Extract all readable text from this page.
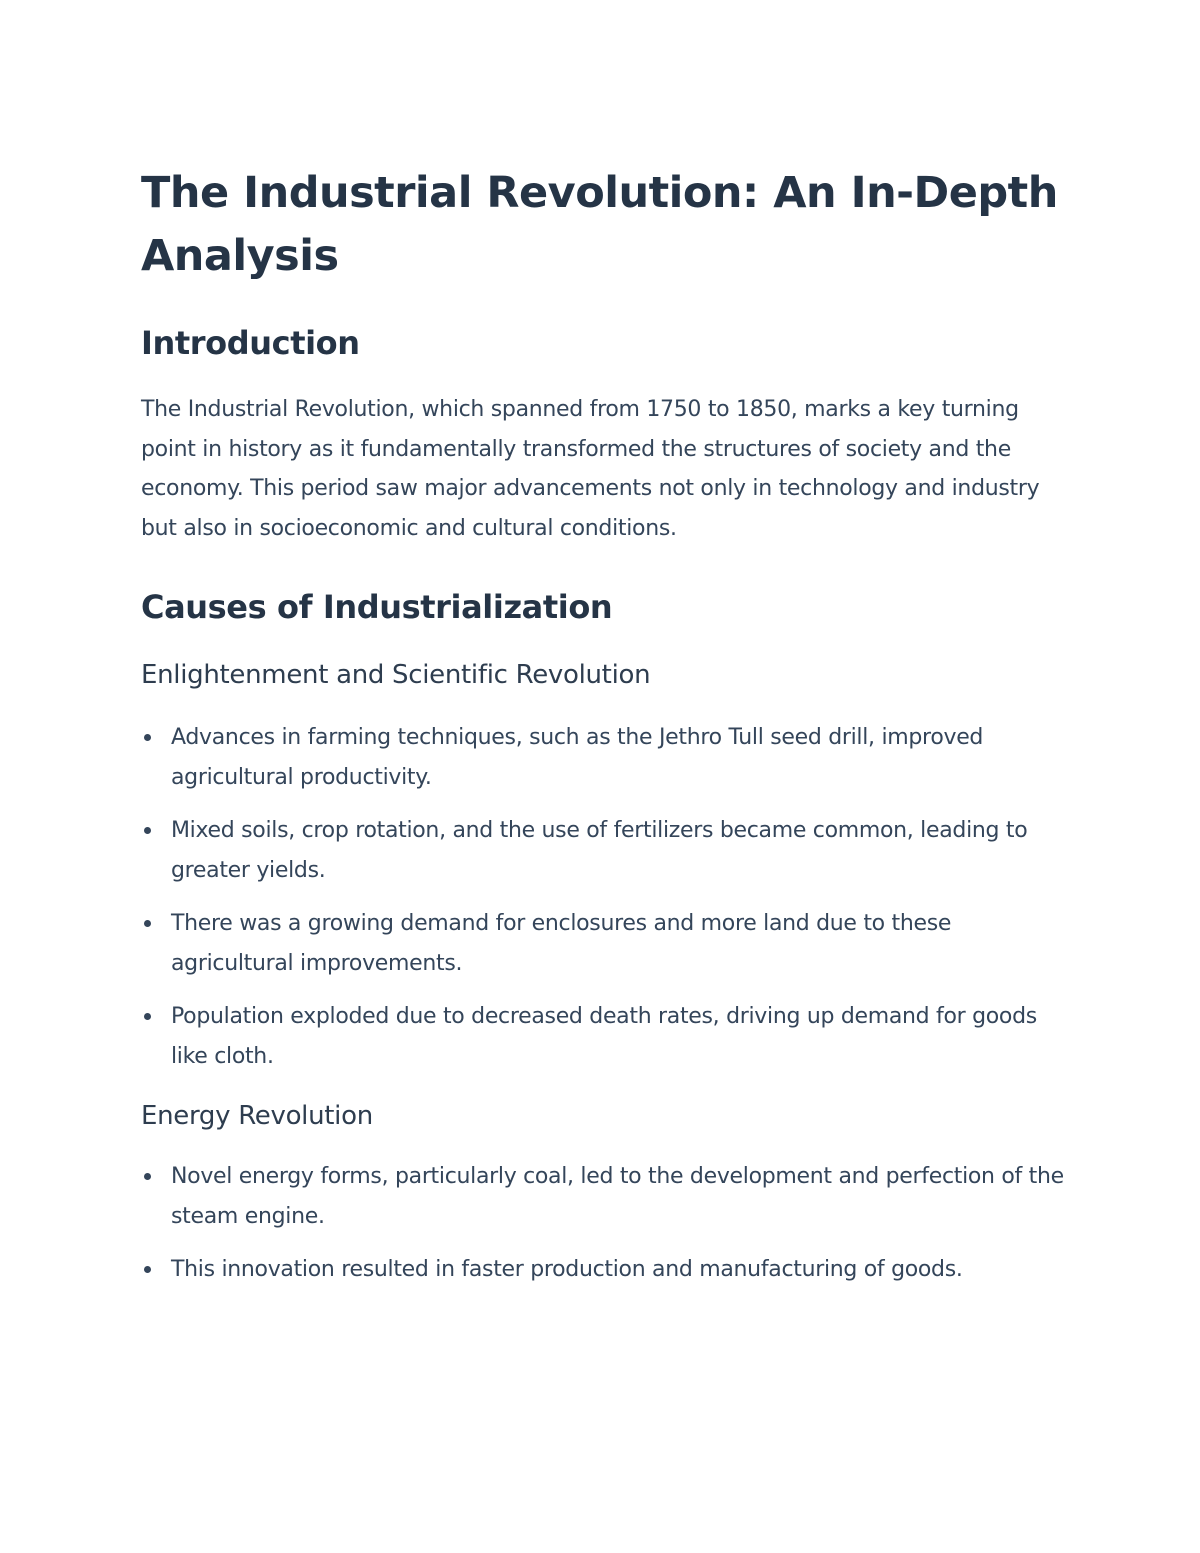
The Industrial Revolution: An In-Depth Analysis
Introduction

The Industrial Revolution, which spanned from 1750 to 1850, marks a key turning point in history as it fundamentally transformed the structures of society and the economy. This period saw major advancements not only in technology and industry but also in socioeconomic and cultural conditions.

Causes of Industrialization
Enlightenment and Scientific Revolution
Advances in farming techniques, such as the Jethro Tull seed drill, improved agricultural productivity.
Mixed soils, crop rotation, and the use of fertilizers became common, leading to greater yields.
There was a growing demand for enclosures and more land due to these agricultural improvements.
Population exploded due to decreased death rates, driving up demand for goods like cloth.
Energy Revolution
Novel energy forms, particularly coal, led to the development and perfection of the steam engine.
This innovation resulted in faster production and manufacturing of goods.
